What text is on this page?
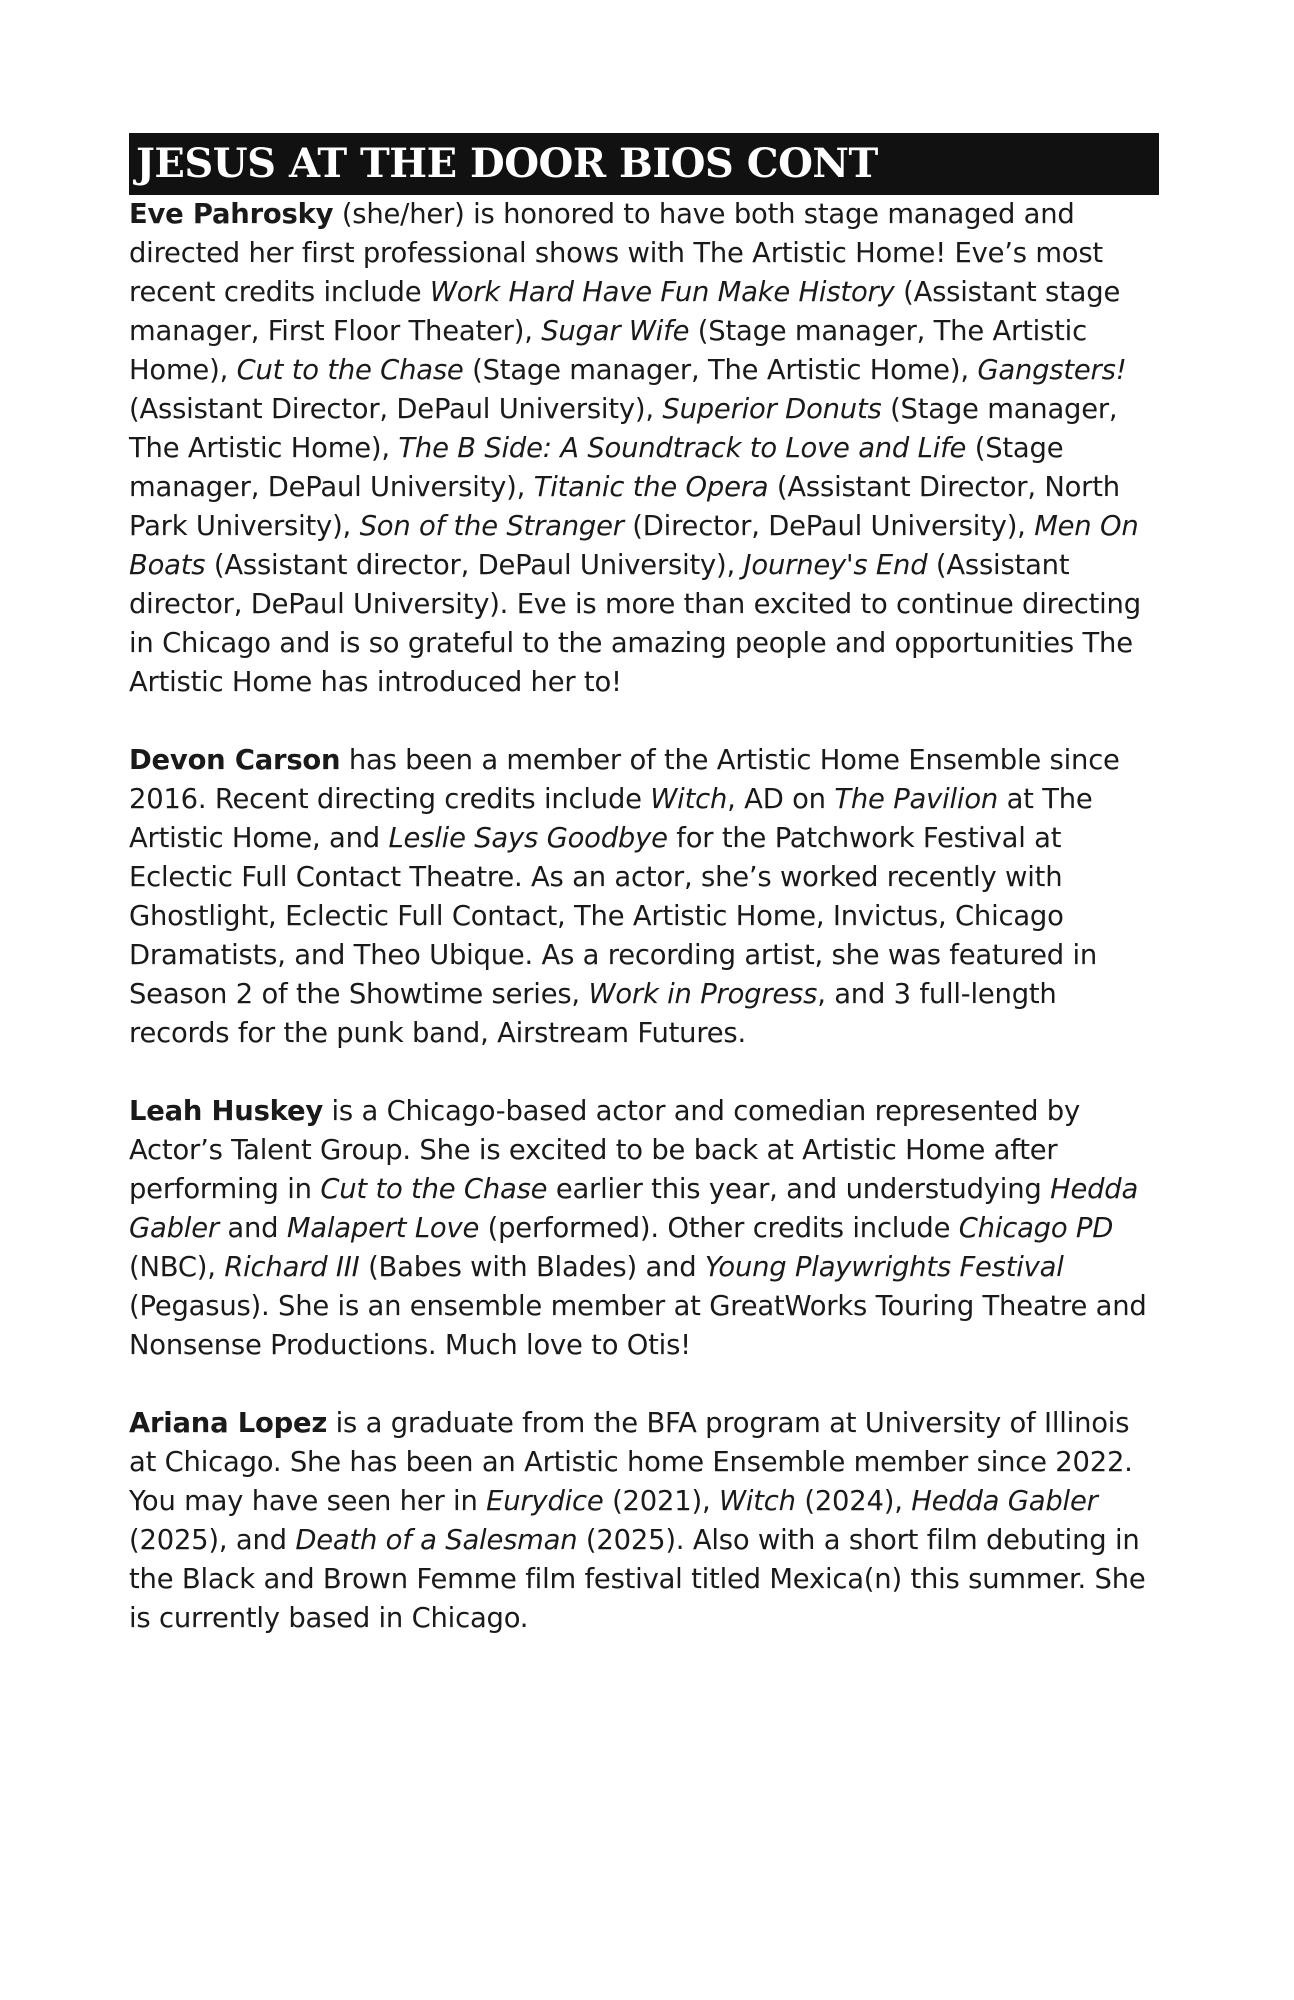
JESUS AT THE DOOR BIOS CONT

Eve Pahrosky (she/her) is honored to have both stage managed and directed her first professional shows with The Artistic Home! Eve’s most recent credits include Work Hard Have Fun Make History (Assistant stage manager, First Floor Theater), Sugar Wife (Stage manager, The Artistic Home), Cut to the Chase (Stage manager, The Artistic Home), Gangsters! (Assistant Director, DePaul University), Superior Donuts (Stage manager, The Artistic Home), The B Side: A Soundtrack to Love and Life (Stage manager, DePaul University), Titanic the Opera (Assistant Director, North Park University), Son of the Stranger (Director, DePaul University), Men On Boats (Assistant director, DePaul University), Journey's End (Assistant director, DePaul University). Eve is more than excited to continue directing in Chicago and is so grateful to the amazing people and opportunities The Artistic Home has introduced her to!

Devon Carson has been a member of the Artistic Home Ensemble since 2016. Recent directing credits include Witch, AD on The Pavilion at The Artistic Home, and Leslie Says Goodbye for the Patchwork Festival at Eclectic Full Contact Theatre. As an actor, she’s worked recently with Ghostlight, Eclectic Full Contact, The Artistic Home, Invictus, Chicago Dramatists, and Theo Ubique. As a recording artist, she was featured in Season 2 of the Showtime series, Work in Progress, and 3 full-length records for the punk band, Airstream Futures.

Leah Huskey is a Chicago-based actor and comedian represented by Actor’s Talent Group. She is excited to be back at Artistic Home after performing in Cut to the Chase earlier this year, and understudying Hedda Gabler and Malapert Love (performed). Other credits include Chicago PD (NBC), Richard III (Babes with Blades) and Young Playwrights Festival (Pegasus). She is an ensemble member at GreatWorks Touring Theatre and Nonsense Productions. Much love to Otis!

Ariana Lopez is a graduate from the BFA program at University of Illinois at Chicago. She has been an Artistic home Ensemble member since 2022. You may have seen her in Eurydice (2021), Witch (2024), Hedda Gabler (2025), and Death of a Salesman (2025). Also with a short film debuting in the Black and Brown Femme film festival titled Mexica(n) this summer. She is currently based in Chicago.
